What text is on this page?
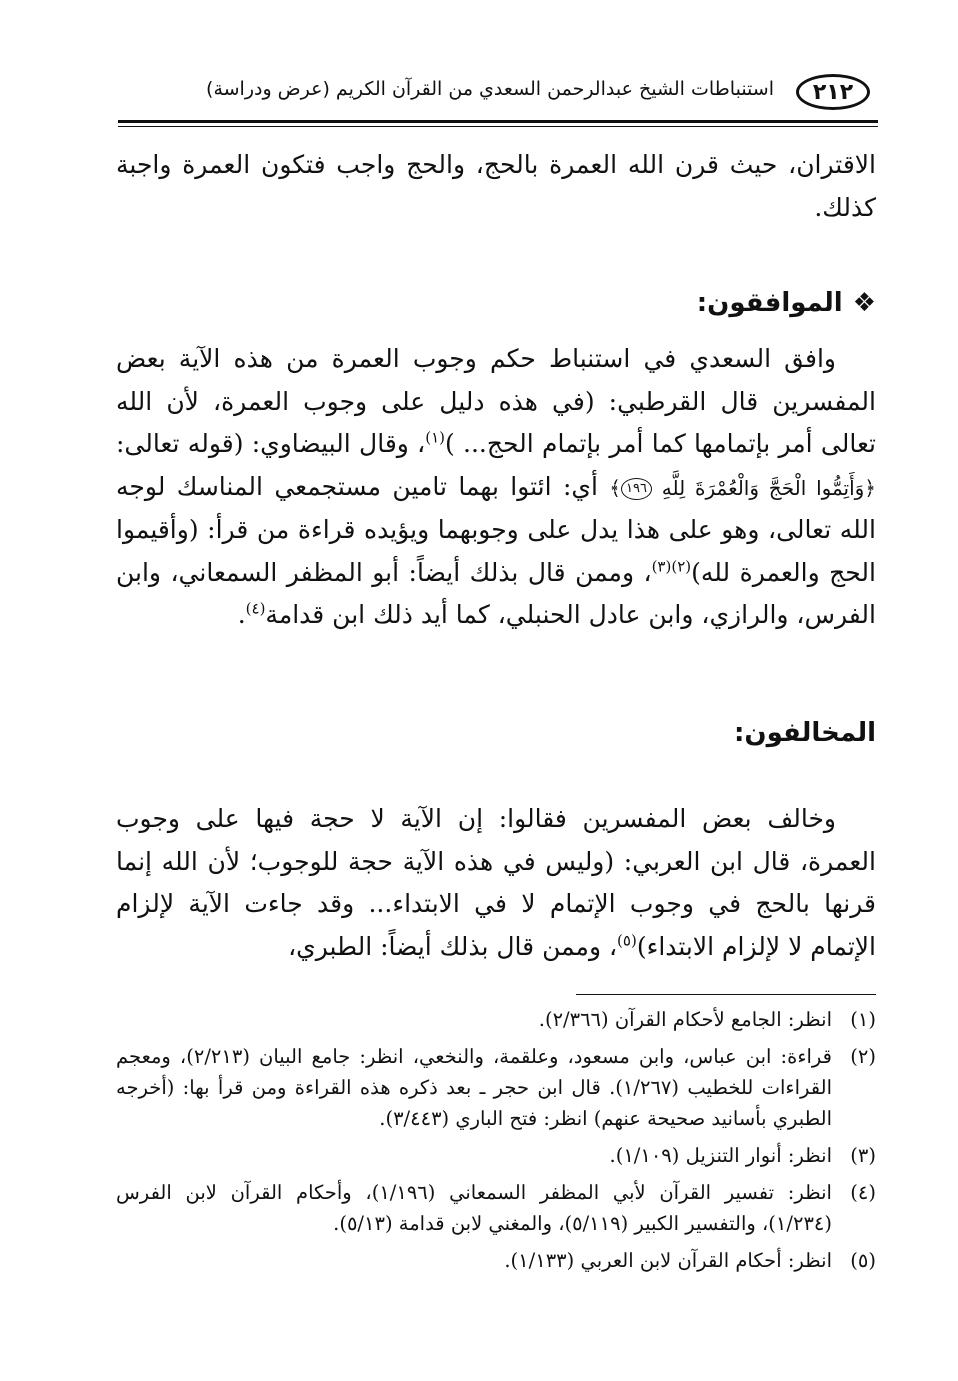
٢١٢
استنباطات الشيخ عبدالرحمن السعدي من القرآن الكريم (عرض ودراسة)
الاقتران، حيث قرن الله العمرة بالحج، والحج واجب فتكون العمرة واجبة كذلك.
❖الموافقون:
وافق السعدي في استنباط حكم وجوب العمرة من هذه الآية بعض المفسرين قال القرطبي: (في هذه دليل على وجوب العمرة، لأن الله تعالى أمر بإتمامها كما أمر بإتمام الحج... )$^{(١)}$، وقال البيضاوي: (قوله تعالى: ﴿وَأَتِمُّوا الْحَجَّ وَالْعُمْرَةَ لِلَّهِ ١٩٦﴾ أي: ائتوا بهما تامين مستجمعي المناسك لوجه الله تعالى، وهو على هذا يدل على وجوبهما ويؤيده قراءة من قرأ: (وأقيموا الحج والعمرة لله)$^{(٢)(٣)}$، وممن قال بذلك أيضاً: أبو المظفر السمعاني، وابن الفرس، والرازي، وابن عادل الحنبلي، كما أيد ذلك ابن قدامة$^{(٤)}$.
المخالفون:
وخالف بعض المفسرين فقالوا: إن الآية لا حجة فيها على وجوب العمرة، قال ابن العربي: (وليس في هذه الآية حجة للوجوب؛ لأن الله إنما قرنها بالحج في وجوب الإتمام لا في الابتداء... وقد جاءت الآية لإلزام الإتمام لا لإلزام الابتداء)$^{(٥)}$، وممن قال بذلك أيضاً: الطبري،
(١)
انظر: الجامع لأحكام القرآن (٢/٣٦٦).
(٢)
قراءة: ابن عباس، وابن مسعود، وعلقمة، والنخعي، انظر: جامع البيان (٢/٢١٣)، ومعجم القراءات للخطيب (١/٢٦٧). قال ابن حجر ـ بعد ذكره هذه القراءة ومن قرأ بها: (أخرجه الطبري بأسانيد صحيحة عنهم) انظر: فتح الباري (٣/٤٤٣).
(٣)
انظر: أنوار التنزيل (١/١٠٩).
(٤)
انظر: تفسير القرآن لأبي المظفر السمعاني (١/١٩٦)، وأحكام القرآن لابن الفرس (١/٢٣٤)، والتفسير الكبير (٥/١١٩)، والمغني لابن قدامة (٥/١٣).
(٥)
انظر: أحكام القرآن لابن العربي (١/١٣٣).
